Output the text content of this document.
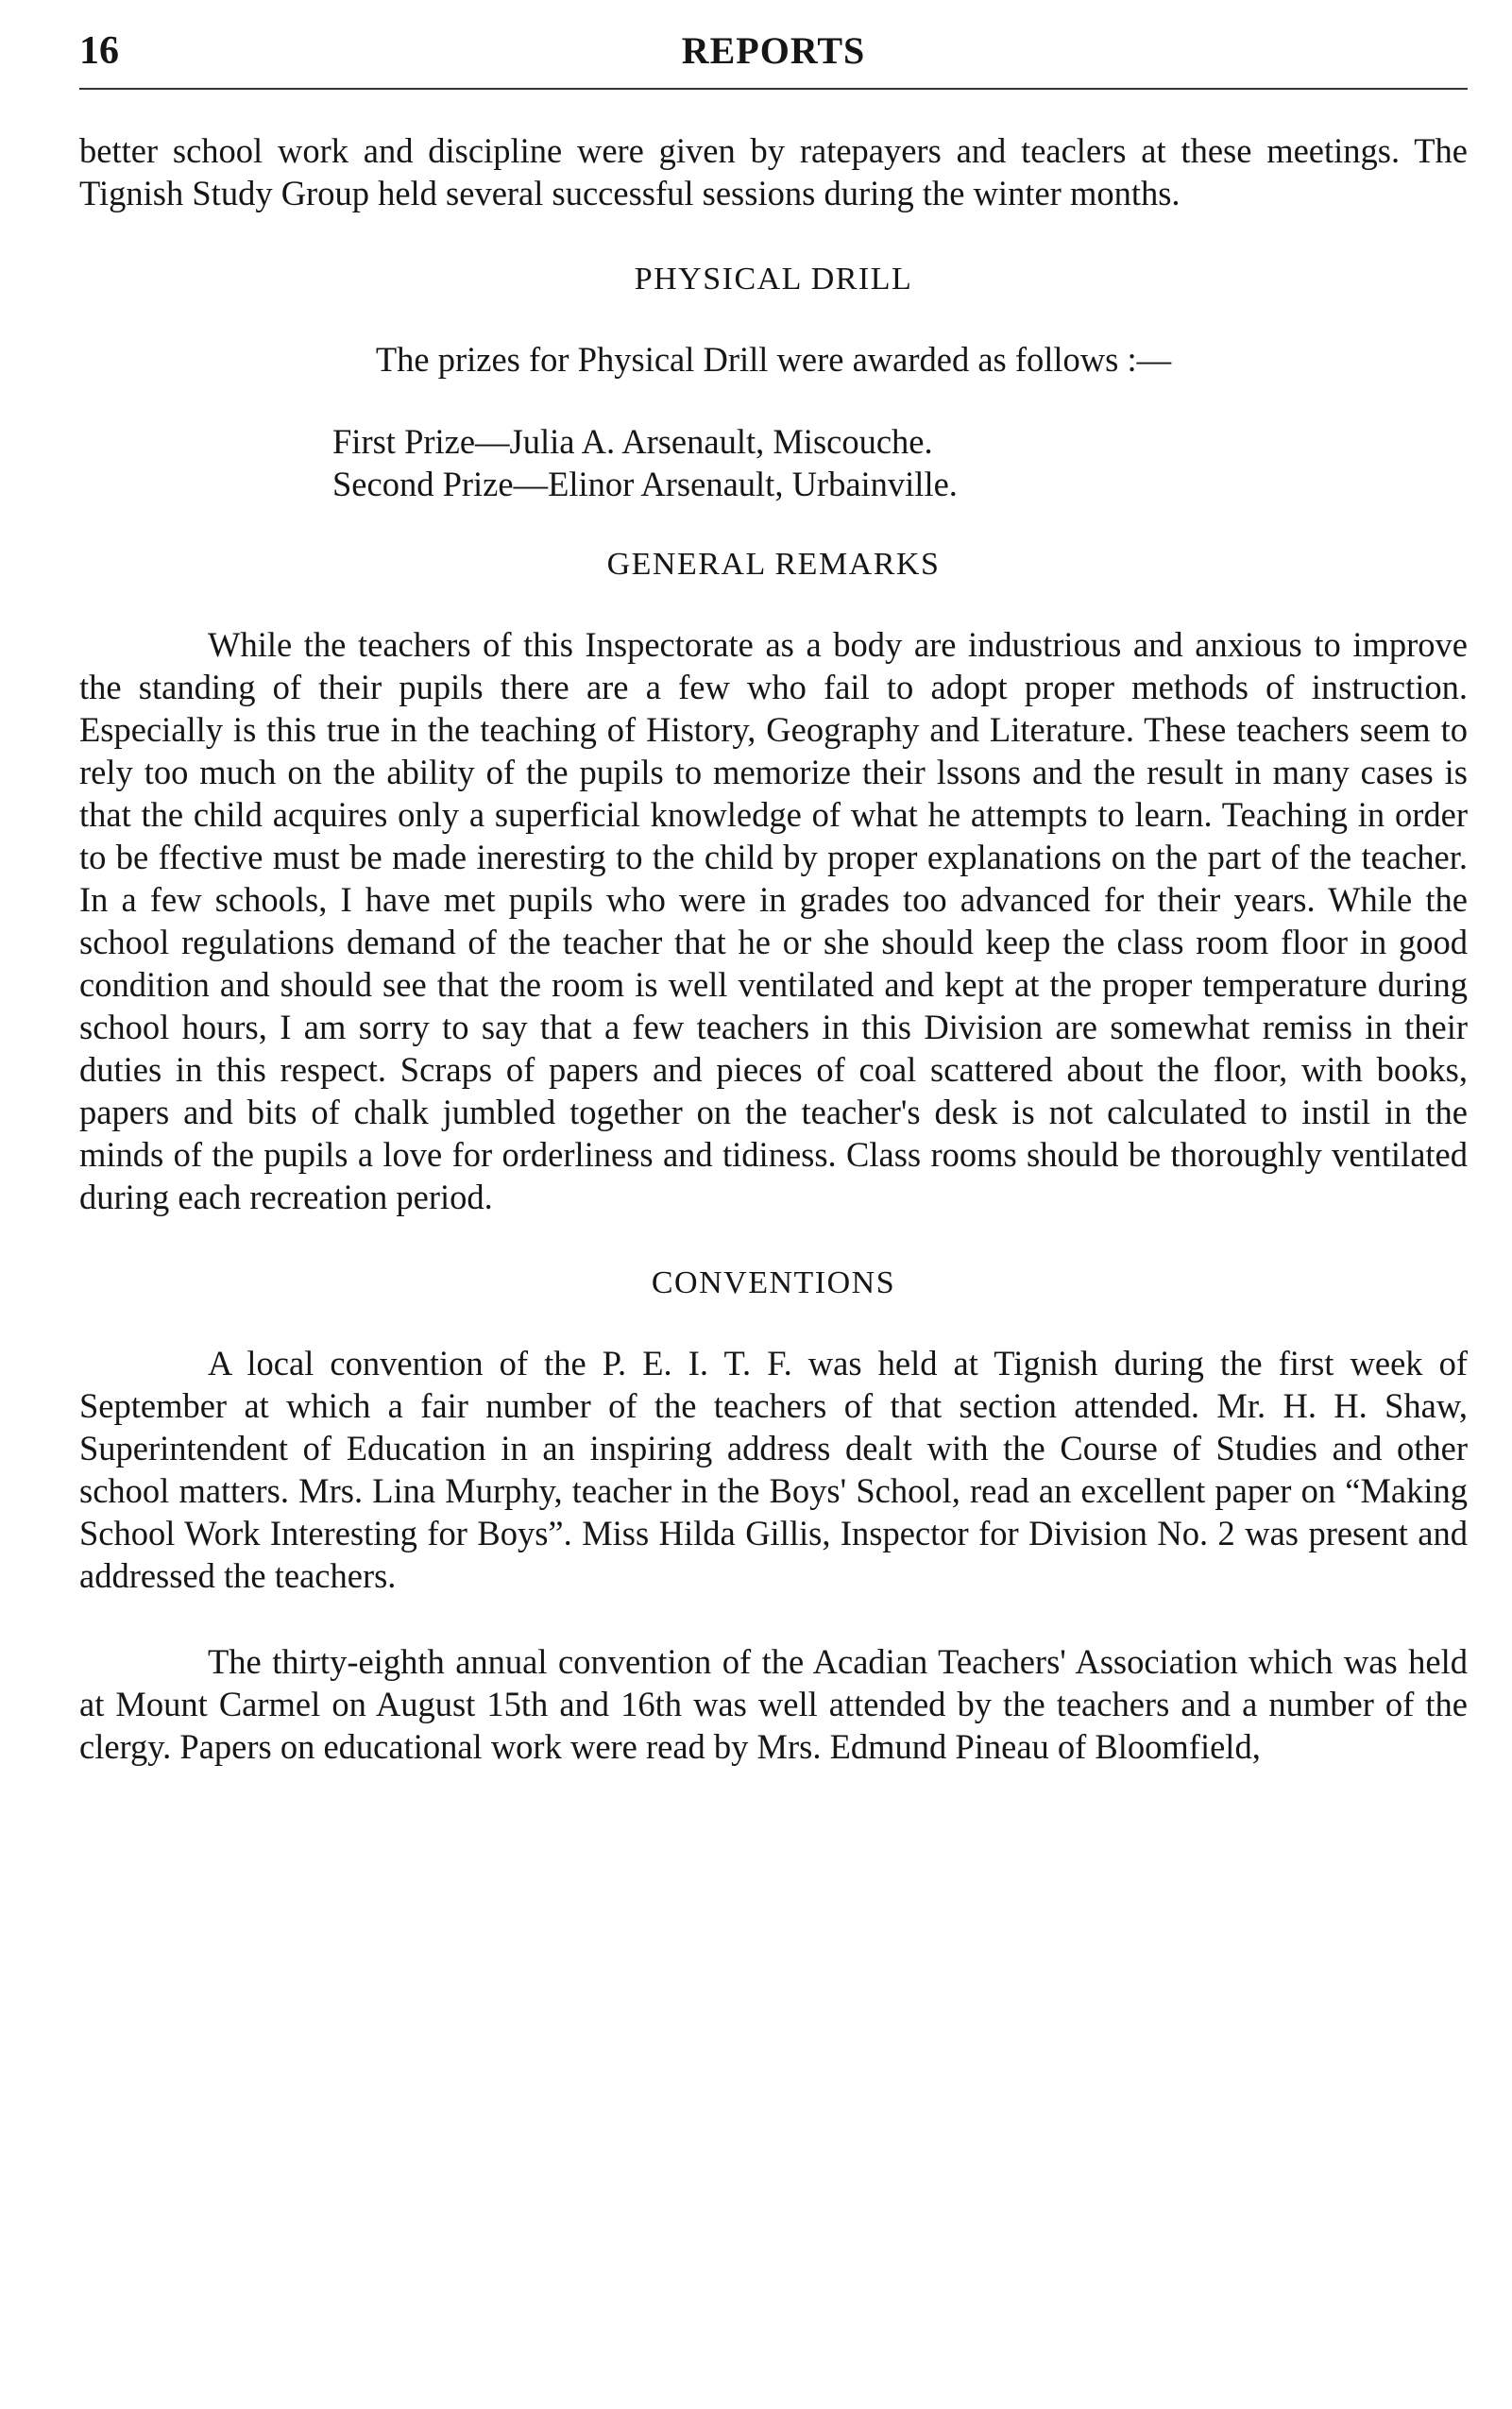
16	REPORTS

better school work and discipline were given by ratepayers and teaclers at these meetings. The Tignish Study Group held several successful sessions during the winter months.

PHYSICAL DRILL

The prizes for Physical Drill were awarded as follows :—

First Prize—Julia A. Arsenault, Miscouche.
Second Prize—Elinor Arsenault, Urbainville.
GENERAL REMARKS

While the teachers of this Inspectorate as a body are industrious and anxious to improve the standing of their pupils there are a few who fail to adopt proper methods of instruction. Especially is this true in the teaching of History, Geography and Literature. These teachers seem to rely too much on the ability of the pupils to memorize their lssons and the result in many cases is that the child acquires only a superficial knowledge of what he attempts to learn. Teaching in order to be ffective must be made inerestirg to the child by proper explanations on the part of the teacher. In a few schools, I have met pupils who were in grades too advanced for their years. While the school regulations demand of the teacher that he or she should keep the class room floor in good condition and should see that the room is well ventilated and kept at the proper temperature during school hours, I am sorry to say that a few teachers in this Division are somewhat remiss in their duties in this respect. Scraps of papers and pieces of coal scattered about the floor, with books, papers and bits of chalk jumbled together on the teacher's desk is not calculated to instil in the minds of the pupils a love for orderliness and tidiness. Class rooms should be thoroughly ventilated during each recreation period.

CONVENTIONS

A local convention of the P. E. I. T. F. was held at Tignish during the first week of September at which a fair number of the teachers of that section attended. Mr. H. H. Shaw, Superintendent of Education in an inspiring address dealt with the Course of Studies and other school matters. Mrs. Lina Murphy, teacher in the Boys' School, read an excellent paper on “Making School Work Interesting for Boys”. Miss Hilda Gillis, Inspector for Division No. 2 was present and addressed the teachers.

The thirty-eighth annual convention of the Acadian Teachers' Association which was held at Mount Carmel on August 15th and 16th was well attended by the teachers and a number of the clergy. Papers on educational work were read by Mrs. Edmund Pineau of Bloomfield,
